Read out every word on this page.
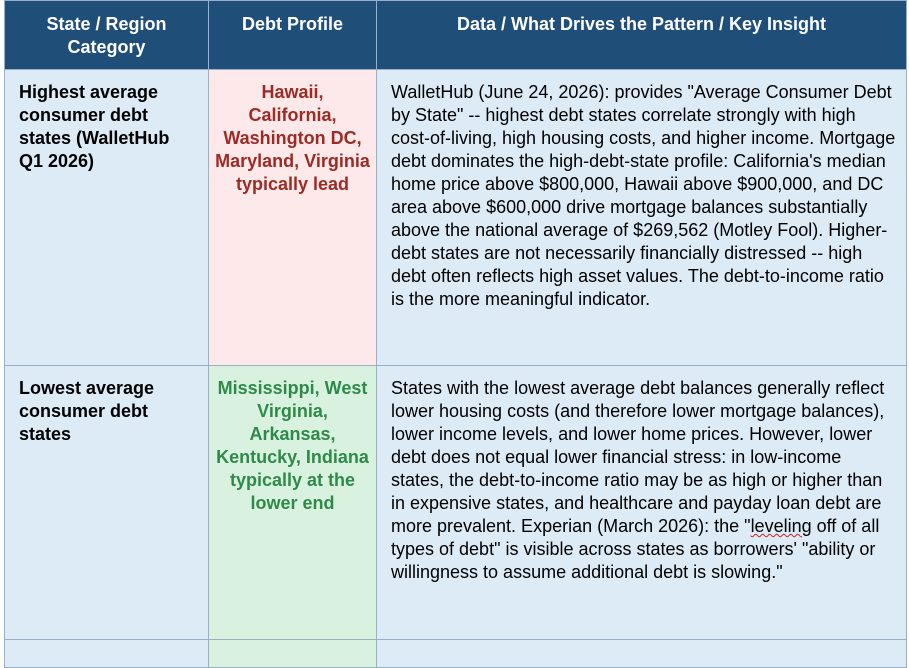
State / Region Category	Debt Profile	Data / What Drives the Pattern / Key Insight
Highest average consumer debt states (WalletHub Q1 2026)	Hawaii, California, Washington DC, Maryland, Virginia typically lead	WalletHub (June 24, 2026): provides "Average Consumer Debt by State" -- highest debt states correlate strongly with high cost-of-living, high housing costs, and higher income. Mortgage debt dominates the high-debt-state profile: California's median home price above $800,000, Hawaii above $900,000, and DC area above $600,000 drive mortgage balances substantially above the national average of $269,562 (Motley Fool). Higher-debt states are not necessarily financially distressed -- high debt often reflects high asset values. The debt-to-income ratio is the more meaningful indicator.
Lowest average consumer debt states	Mississippi, West Virginia, Arkansas, Kentucky, Indiana typically at the lower end	States with the lowest average debt balances generally reflect lower housing costs (and therefore lower mortgage balances), lower income levels, and lower home prices. However, lower debt does not equal lower financial stress: in low-income states, the debt-to-income ratio may be as high or higher than in expensive states, and healthcare and payday loan debt are more prevalent. Experian (March 2026): the "leveling off of all types of debt" is visible across states as borrowers' "ability or willingness to assume additional debt is slowing."
